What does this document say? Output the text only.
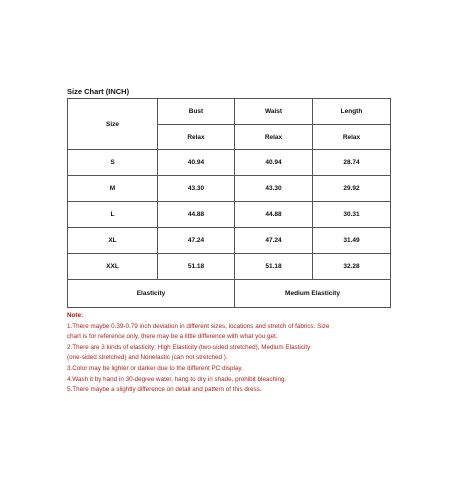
Size Chart (INCH)
Size	Bust	Waist	Length
	Relax	Relax	Relax
S	40.94	40.94	28.74
M	43.30	43.30	29.92
L	44.88	44.88	30.31
XL	47.24	47.24	31.49
XXL	51.18	51.18	32.28
Elasticity		Medium Elasticity	
Note:
1.There maybe 0.39-0.79 inch deviation in different sizes, locations and stretch of fabrics. Size
chart is for reference only, there may be a little difference with what you get.
2.There are 3 kinds of elasticity: High Elasticity (two-sided stretched), Medium Elasticity
(one-sided stretched) and Nonelastic (can not stretched ).
3.Color may be lighter or darker due to the different PC display.
4.Wash it by hand in 30-degree water, hang to dry in shade, prohibit bleaching.
5.There maybe a slightly difference on detail and pattern of this dress.
